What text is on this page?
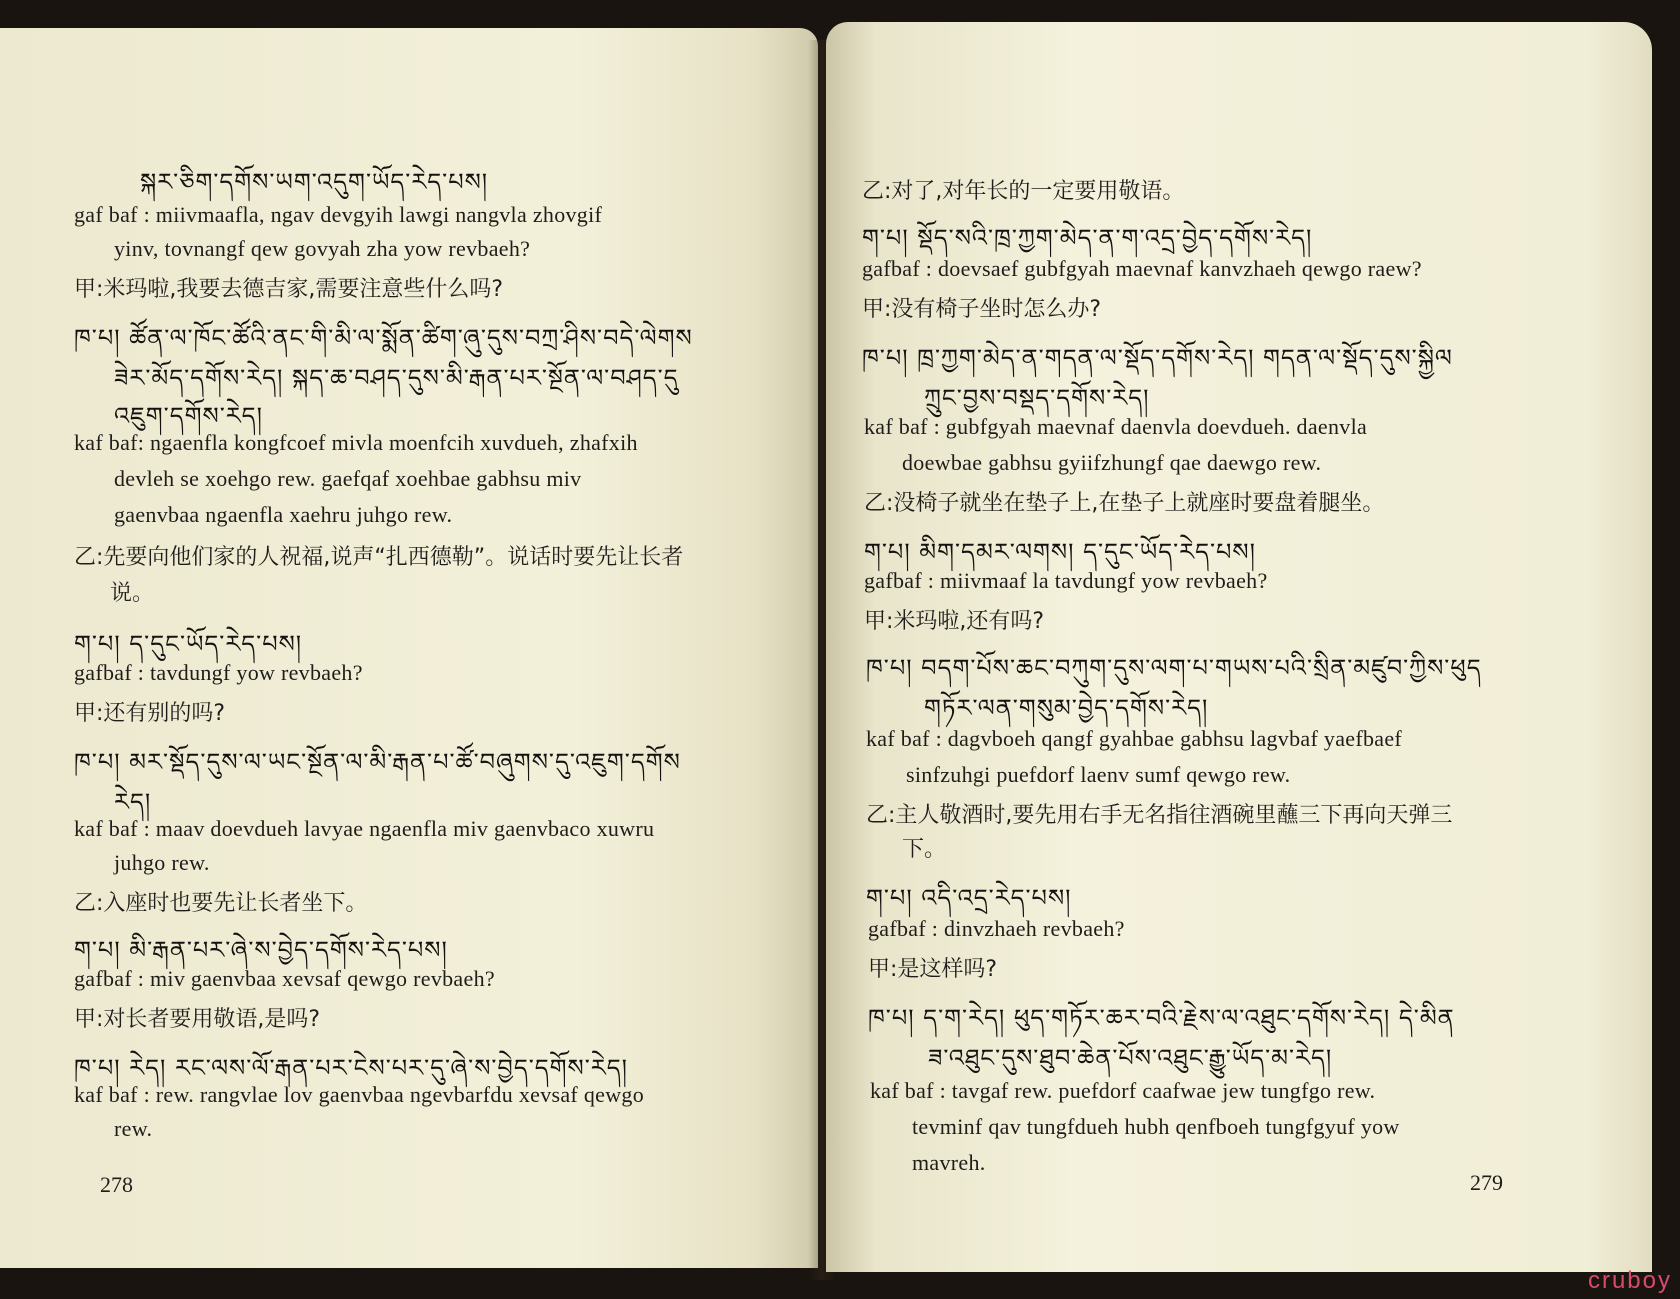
སྐར་ཅིག་དགོས་ཡག་འདུག་ཡོད་རེད་པས།
gaf baf : miivmaafla, ngav devgyih lawgi nangvla zhovgif
yinv, tovnangf qew govyah zha yow revbaeh?
甲:米玛啦,我要去德吉家,需要注意些什么吗?
ཁ་པ། ཚོན་ལ་ཁོང་ཚོའི་ནང་གི་མི་ལ་སྨོན་ཚིག་ཞུ་དུས་བཀྲ་ཤིས་བདེ་ལེགས
ཟེར་མོད་དགོས་རེད། སྐད་ཆ་བཤད་དུས་མི་རྒན་པར་སྔོན་ལ་བཤད་དུ
འཇུག་དགོས་རེད།
kaf baf: ngaenfla kongfcoef mivla moenfcih xuvdueh, zhafxih
devleh se xoehgo rew. gaefqaf xoehbae gabhsu miv
gaenvbaa ngaenfla xaehru juhgo rew.
乙:先要向他们家的人祝福,说声“扎西德勒”。说话时要先让长者
说。
ག་པ། ད་དུང་ཡོད་རེད་པས།
gafbaf : tavdungf yow revbaeh?
甲:还有别的吗?
ཁ་པ། མར་སྡོད་དུས་ལ་ཡང་སྔོན་ལ་མི་རྒན་པ་ཚོ་བཞུགས་དུ་འཇུག་དགོས
རེད།
kaf baf : maav doevdueh lavyae ngaenfla miv gaenvbaco xuwru
juhgo rew.
乙:入座时也要先让长者坐下。
ག་པ། མི་རྒན་པར་ཞེ་ས་བྱེད་དགོས་རེད་པས།
gafbaf : miv gaenvbaa xevsaf qewgo revbaeh?
甲:对长者要用敬语,是吗?
ཁ་པ། རེད། རང་ལས་ལོ་རྒན་པར་ངེས་པར་དུ་ཞེ་ས་བྱེད་དགོས་རེད།
kaf baf : rew. rangvlae lov gaenvbaa ngevbarfdu xevsaf qewgo
rew.
278
乙:对了,对年长的一定要用敬语。
ག་པ། སྡོད་སའི་ཁྲ་ཀྱག་མེད་ན་ག་འདྲ་བྱེད་དགོས་རེད།
gafbaf : doevsaef gubfgyah maevnaf kanvzhaeh qewgo raew?
甲:没有椅子坐时怎么办?
ཁ་པ། ཁྲ་ཀྱག་མེད་ན་གདན་ལ་སྡོད་དགོས་རེད། གདན་ལ་སྡོད་དུས་སྐྱིལ
ཀྲུང་བྱས་བསྡད་དགོས་རེད།
kaf baf : gubfgyah maevnaf daenvla doevdueh. daenvla
doewbae gabhsu gyiifzhungf qae daewgo rew.
乙:没椅子就坐在垫子上,在垫子上就座时要盘着腿坐。
ག་པ། མིག་དམར་ལགས། ད་དུང་ཡོད་རེད་པས།
gafbaf : miivmaaf la tavdungf yow revbaeh?
甲:米玛啦,还有吗?
ཁ་པ། བདག་པོས་ཆང་བཀུག་དུས་ལག་པ་གཡས་པའི་སྲིན་མཛུབ་ཀྱིས་ཕུད
གཏོར་ལན་གསུམ་བྱེད་དགོས་རེད།
kaf baf : dagvboeh qangf gyahbae gabhsu lagvbaf yaefbaef
sinfzuhgi puefdorf laenv sumf qewgo rew.
乙:主人敬酒时,要先用右手无名指往酒碗里蘸三下再向天弹三
下。
ག་པ། འདི་འདྲ་རེད་པས།
gafbaf : dinvzhaeh revbaeh?
甲:是这样吗?
ཁ་པ། ད་ག་རེད། ཕུད་གཏོར་ཆར་བའི་རྗེས་ལ་འཐུང་དགོས་རེད། དེ་མིན
ཟ་འཐུང་དུས་ཐུབ་ཆེན་པོས་འཐུང་རྒྱུ་ཡོད་མ་རེད།
kaf baf : tavgaf rew. puefdorf caafwae jew tungfgo rew.
tevminf qav tungfdueh hubh qenfboeh tungfgyuf yow
mavreh.
279
cruboy
